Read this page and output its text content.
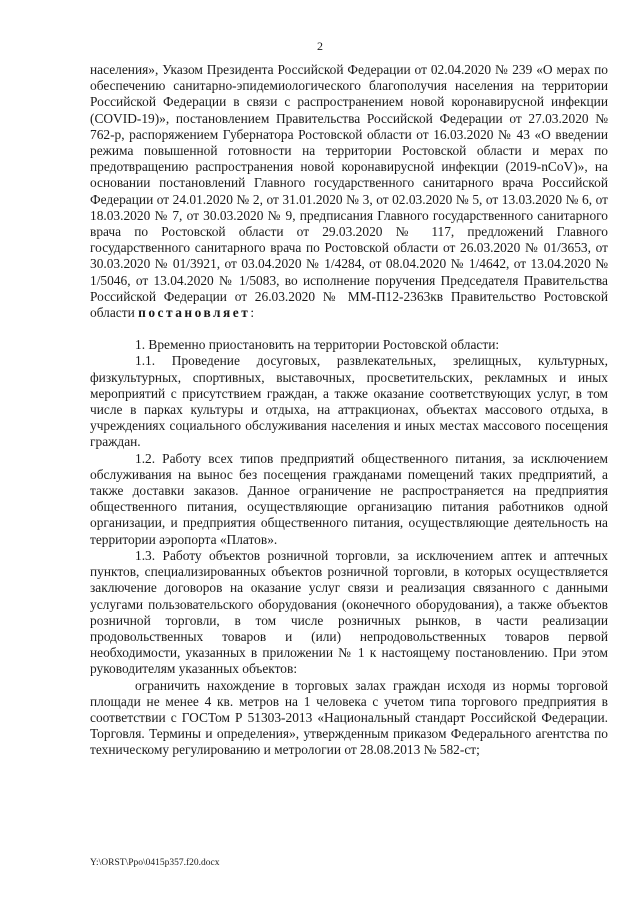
2

населения», Указом Президента Российской Федерации от 02.04.2020 № 239 «О мерах по обеспечению санитарно-эпидемиологического благополучия населения на территории Российской Федерации в связи с распространением новой коронавирусной инфекции (COVID-19)», постановлением Правительства Российской Федерации от 27.03.2020 № 762-р, распоряжением Губернатора Ростовской области от 16.03.2020 № 43 «О введении режима повышенной готовности на территории Ростовской области и мерах по предотвращению распространения новой коронавирусной инфекции (2019-nCoV)», на основании постановлений Главного государственного санитарного врача Российской Федерации от 24.01.2020 № 2, от 31.01.2020 № 3, от 02.03.2020 № 5, от 13.03.2020 № 6, от 18.03.2020 № 7, от 30.03.2020 № 9, предписания Главного государственного санитарного врача по Ростовской области от 29.03.2020 № 117, предложений Главного государственного санитарного врача по Ростовской области от 26.03.2020 № 01/3653, от 30.03.2020 № 01/3921, от 03.04.2020 № 1/4284, от 08.04.2020 № 1/4642, от 13.04.2020 № 1/5046, от 13.04.2020 № 1/5083, во исполнение поручения Председателя Правительства Российской Федерации от 26.03.2020 № ММ-П12-2363кв Правительство Ростовской области постановляет:

1. Временно приостановить на территории Ростовской области:

1.1. Проведение досуговых, развлекательных, зрелищных, культурных, физкультурных, спортивных, выставочных, просветительских, рекламных и иных мероприятий с присутствием граждан, а также оказание соответствующих услуг, в том числе в парках культуры и отдыха, на аттракционах, объектах массового отдыха, в учреждениях социального обслуживания населения и иных местах массового посещения граждан.

1.2. Работу всех типов предприятий общественного питания, за исключением обслуживания на вынос без посещения гражданами помещений таких предприятий, а также доставки заказов. Данное ограничение не распространяется на предприятия общественного питания, осуществляющие организацию питания работников одной организации, и предприятия общественного питания, осуществляющие деятельность на территории аэропорта «Платов».

1.3. Работу объектов розничной торговли, за исключением аптек и аптечных пунктов, специализированных объектов розничной торговли, в которых осуществляется заключение договоров на оказание услуг связи и реализация связанного с данными услугами пользовательского оборудования (оконечного оборудования), а также объектов розничной торговли, в том числе розничных рынков, в части реализации продовольственных товаров и (или) непродовольственных товаров первой необходимости, указанных в приложении № 1 к настоящему постановлению. При этом руководителям указанных объектов:

ограничить нахождение в торговых залах граждан исходя из нормы торговой площади не менее 4 кв. метров на 1 человека с учетом типа торгового предприятия в соответствии с ГОСТом Р 51303-2013 «Национальный стандарт Российской Федерации. Торговля. Термины и определения», утвержденным приказом Федерального агентства по техническому регулированию и метрологии от 28.08.2013 № 582-ст;

Y:\ORST\Ppo\0415p357.f20.docx
